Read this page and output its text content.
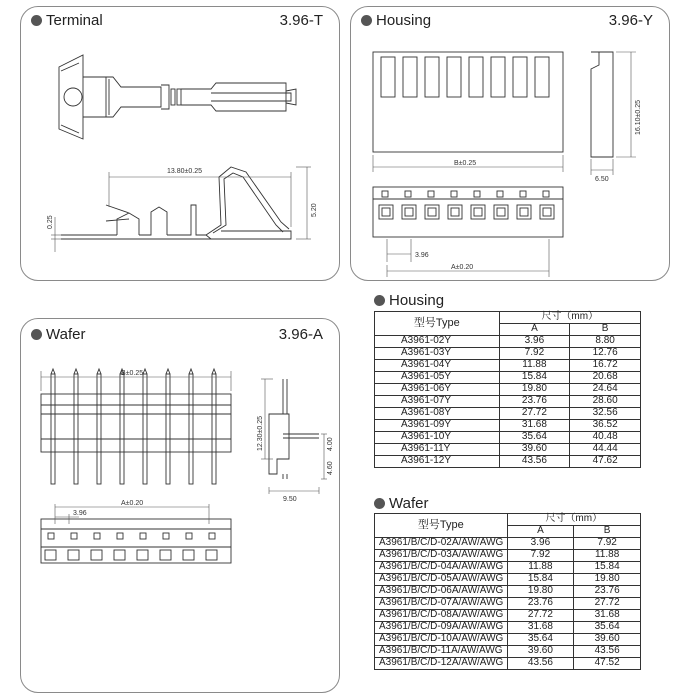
Terminal	3.96-T
13.80±0.25
0.25
5.20
Housing	3.96-Y
B±0.25
16.10±0.25
6.50
3.96
A±0.20
Wafer	3.96-A
B±0.25
12.30±0.25	4.00
4.60
9.50
A±0.20
3.96
Housing
型号Type	尺寸（mm）	
	A	B
A3961-02Y	3.96	8.80
A3961-03Y	7.92	12.76
A3961-04Y	11.88	16.72
A3961-05Y	15.84	20.68
A3961-06Y	19.80	24.64
A3961-07Y	23.76	28.60
A3961-08Y	27.72	32.56
A3961-09Y	31.68	36.52
A3961-10Y	35.64	40.48
A3961-11Y	39.60	44.44
A3961-12Y	43.56	47.62
Wafer
型号Type	尺寸（mm）	
	A	B
A3961/B/C/D-02A/AW/AWG	3.96	7.92
A3961/B/C/D-03A/AW/AWG	7.92	11.88
A3961/B/C/D-04A/AW/AWG	11.88	15.84
A3961/B/C/D-05A/AW/AWG	15.84	19.80
A3961/B/C/D-06A/AW/AWG	19.80	23.76
A3961/B/C/D-07A/AW/AWG	23.76	27.72
A3961/B/C/D-08A/AW/AWG	27.72	31.68
A3961/B/C/D-09A/AW/AWG	31.68	35.64
A3961/B/C/D-10A/AW/AWG	35.64	39.60
A3961/B/C/D-11A/AW/AWG	39.60	43.56
A3961/B/C/D-12A/AW/AWG	43.56	47.52
